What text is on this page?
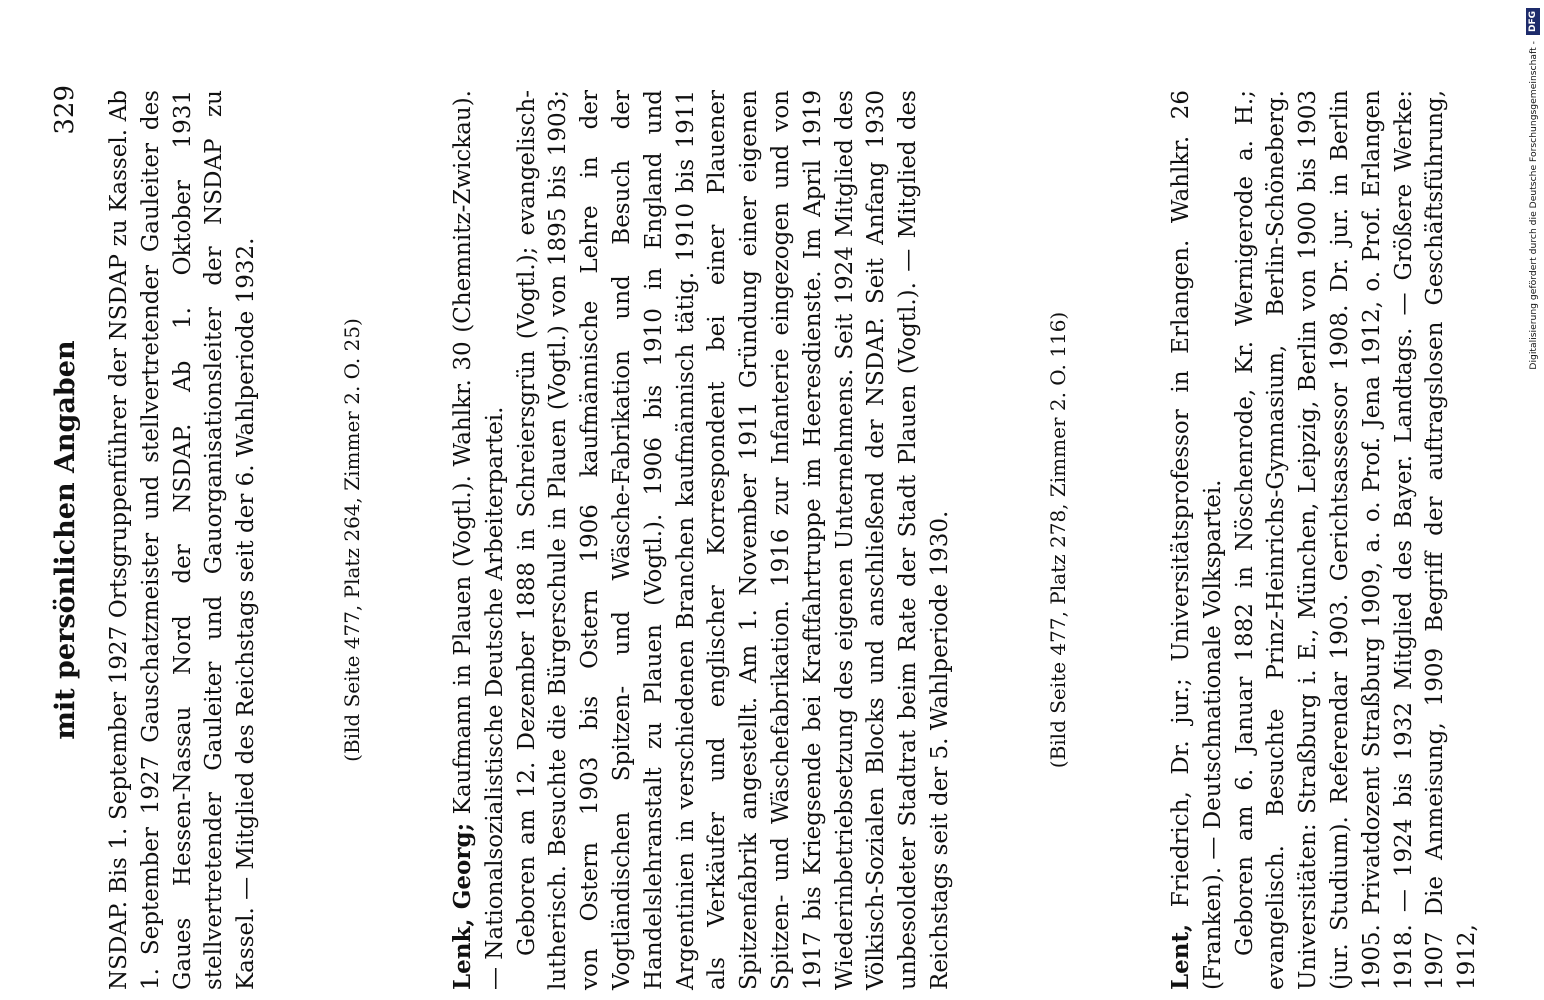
mit persönlichen Angaben
329 NSDAP. Bis 1. September 1927 Ortsgruppenführer der NSDAP zu Kassel. Ab 1. September 1927 Gauschatzmeister und stellvertretender Gauleiter des Gaues Hessen-Nassau Nord der NSDAP. Ab 1. Oktober 1931 stellvertretender Gauleiter und Gauorganisationsleiter der NSDAP zu Kassel. — Mitglied des Reichstags seit der 6. Wahlperiode 1932.	(Bild Seite 477, Platz 264, Zimmer 2. O. 25)

Lenk, Georg; Kaufmann in Plauen (Vogtl.). Wahlkr. 30 (Chemnitz-Zwickau). — Nationalsozialistische Deutsche Arbeiterpartei. Geboren am 12. Dezember 1888 in Schreiersgrün (Vogtl.); evangelisch-lutherisch. Besuchte die Bürgerschule in Plauen (Vogtl.) von 1895 bis 1903; von Ostern 1903 bis Ostern 1906 kaufmännische Lehre in der Vogtländischen Spitzen- und Wäsche-Fabrikation und Besuch der Handelslehranstalt zu Plauen (Vogtl.). 1906 bis 1910 in England und Argentinien in verschiedenen Branchen kaufmännisch tätig. 1910 bis 1911 als Verkäufer und englischer Korrespondent bei einer Plauener Spitzenfabrik angestellt. Am 1. November 1911 Gründung einer eigenen Spitzen- und Wäschefabrikation. 1916 zur Infanterie eingezogen und von 1917 bis Kriegsende bei Kraftfahrtruppe im Heeresdienste. Im April 1919 Wiederinbetriebsetzung des eigenen Unternehmens. Seit 1924 Mitglied des Völkisch-Sozialen Blocks und anschließend der NSDAP. Seit Anfang 1930 unbesoldeter Stadtrat beim Rate der Stadt Plauen (Vogtl.). — Mitglied des Reichstags seit der 5. Wahlperiode 1930.	(Bild Seite 477, Platz 278, Zimmer 2. O. 116)

Lent, Friedrich, Dr. jur.; Universitätsprofessor in Erlangen. Wahlkr. 26 (Franken). — Deutschnationale Volkspartei. Geboren am 6. Januar 1882 in Nöschenrode, Kr. Wernigerode a. H.; evangelisch. Besuchte Prinz-Heinrichs-Gymnasium, Berlin-Schöneberg. Universitäten: Straßburg i. E., München, Leipzig, Berlin von 1900 bis 1903 (jur. Studium). Referendar 1903. Gerichtsassessor 1908. Dr. jur. in Berlin 1905. Privatdozent Straßburg 1909, a. o. Prof. Jena 1912, o. Prof. Erlangen 1918. — 1924 bis 1932 Mitglied des Bayer. Landtags. — Größere Werke: 1907 Die Anmeisung, 1909 Begriff der auftragslosen Geschäftsführung, 1912,

Digitalisierung gefördert durch die Deutsche Forschungsgemeinschaft -
DFG
